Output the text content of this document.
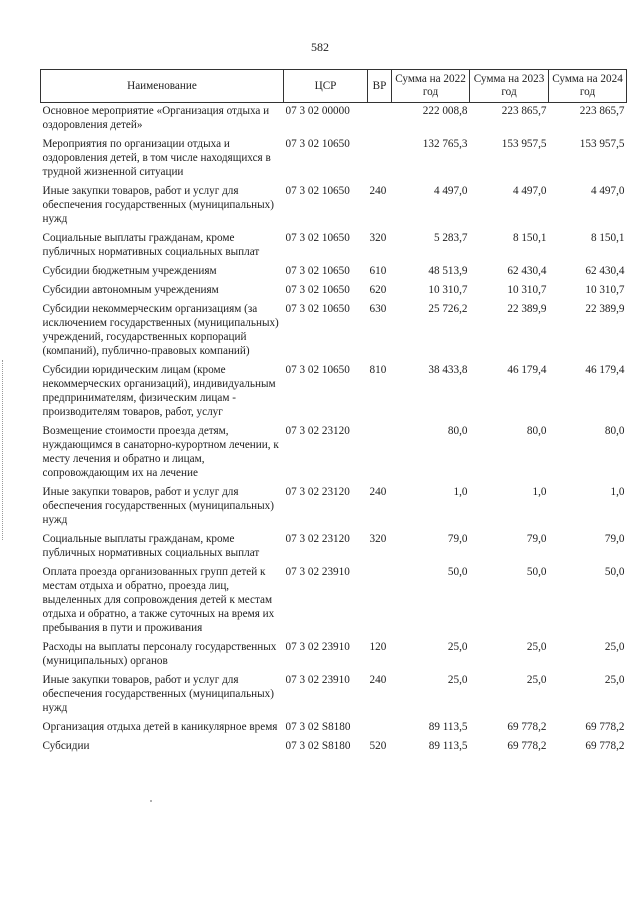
582
Наименование	ЦСР	ВР	Сумма на 2022 год	Сумма на 2023 год	Сумма на 2024 год
Основное мероприятие «Организация отдыха и оздоровления детей»	07 3 02 00000		222 008,8	223 865,7	223 865,7
Мероприятия по организации отдыха и оздоровления детей, в том числе находящихся в трудной жизненной ситуации	07 3 02 10650		132 765,3	153 957,5	153 957,5
Иные закупки товаров, работ и услуг для обеспечения государственных (муниципальных) нужд	07 3 02 10650	240	4 497,0	4 497,0	4 497,0
Социальные выплаты гражданам, кроме публичных нормативных социальных выплат	07 3 02 10650	320	5 283,7	8 150,1	8 150,1
Субсидии бюджетным учреждениям	07 3 02 10650	610	48 513,9	62 430,4	62 430,4
Субсидии автономным учреждениям	07 3 02 10650	620	10 310,7	10 310,7	10 310,7
Субсидии некоммерческим организациям (за исключением государственных (муниципальных) учреждений, государственных корпораций (компаний), публично-правовых компаний)	07 3 02 10650	630	25 726,2	22 389,9	22 389,9
Субсидии юридическим лицам (кроме некоммерческих организаций), индивидуальным предпринимателям, физическим лицам - производителям товаров, работ, услуг	07 3 02 10650	810	38 433,8	46 179,4	46 179,4
Возмещение стоимости проезда детям, нуждающимся в санаторно-курортном лечении, к месту лечения и обратно и лицам, сопровождающим их на лечение	07 3 02 23120		80,0	80,0	80,0
Иные закупки товаров, работ и услуг для обеспечения государственных (муниципальных) нужд	07 3 02 23120	240	1,0	1,0	1,0
Социальные выплаты гражданам, кроме публичных нормативных социальных выплат	07 3 02 23120	320	79,0	79,0	79,0
Оплата проезда организованных групп детей к местам отдыха и обратно, проезда лиц, выделенных для сопровождения детей к местам отдыха и обратно, а также суточных на время их пребывания в пути и проживания	07 3 02 23910		50,0	50,0	50,0
Расходы на выплаты персоналу государственных (муниципальных) органов	07 3 02 23910	120	25,0	25,0	25,0
Иные закупки товаров, работ и услуг для обеспечения государственных (муниципальных) нужд	07 3 02 23910	240	25,0	25,0	25,0
Организация отдыха детей в каникулярное время	07 3 02 S8180		89 113,5	69 778,2	69 778,2
Субсидии	07 3 02 S8180	520	89 113,5	69 778,2	69 778,2
